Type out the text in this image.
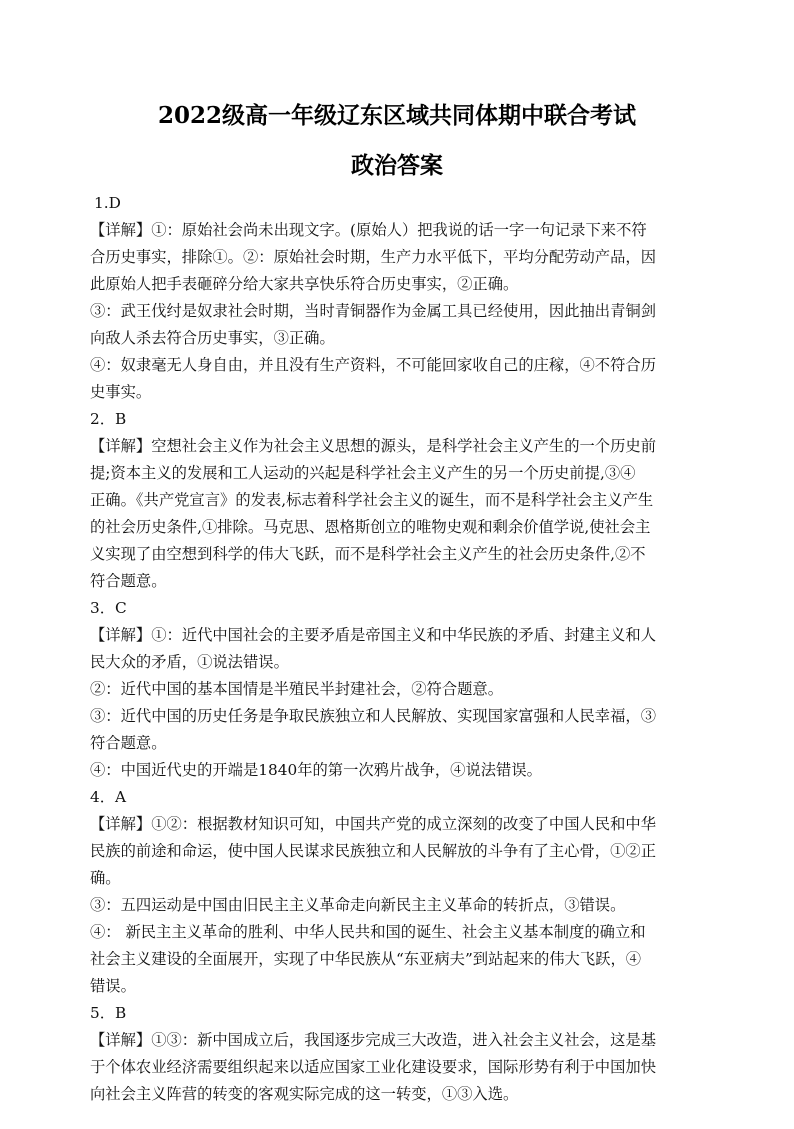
2022级高一年级辽东区域共同体期中联合考试
政治答案
1.D
【详解】①：原始社会尚未出现文字。(原始人）把我说的话一字一句记录下来不符
合历史事实，排除①。②：原始社会时期，生产力水平低下，平均分配劳动产品，因
此原始人把手表砸碎分给大家共享快乐符合历史事实，②正确。
③：武王伐纣是奴隶社会时期，当时青铜器作为金属工具已经使用，因此抽出青铜剑
向敌人杀去符合历史事实，③正确。
④：奴隶毫无人身自由，并且没有生产资料，不可能回家收自己的庄稼，④不符合历
史事实。
2．B
【详解】空想社会主义作为社会主义思想的源头，是科学社会主义产生的一个历史前
提;资本主义的发展和工人运动的兴起是科学社会主义产生的另一个历史前提,③④
正确。《共产党宣言》的发表,标志着科学社会主义的诞生，而不是科学社会主义产生
的社会历史条件,①排除。马克思、恩格斯创立的唯物史观和剩余价值学说,使社会主
义实现了由空想到科学的伟大飞跃，而不是科学社会主义产生的社会历史条件,②不
符合题意。
3．C
【详解】①：近代中国社会的主要矛盾是帝国主义和中华民族的矛盾、封建主义和人
民大众的矛盾，①说法错误。
②：近代中国的基本国情是半殖民半封建社会，②符合题意。
③：近代中国的历史任务是争取民族独立和人民解放、实现国家富强和人民幸福，③
符合题意。
④：中国近代史的开端是1840年的第一次鸦片战争，④说法错误。
4．A
【详解】①②：根据教材知识可知，中国共产党的成立深刻的改变了中国人民和中华
民族的前途和命运，使中国人民谋求民族独立和人民解放的斗争有了主心骨，①②正
确。
③：五四运动是中国由旧民主主义革命走向新民主主义革命的转折点，③错误。
④： 新民主主义革命的胜利、中华人民共和国的诞生、社会主义基本制度的确立和
社会主义建设的全面展开，实现了中华民族从“东亚病夫”到站起来的伟大飞跃，④
错误。
5．B
【详解】①③：新中国成立后，我国逐步完成三大改造，进入社会主义社会，这是基
于个体农业经济需要组织起来以适应国家工业化建设要求，国际形势有利于中国加快
向社会主义阵营的转变的客观实际完成的这一转变，①③入选。
